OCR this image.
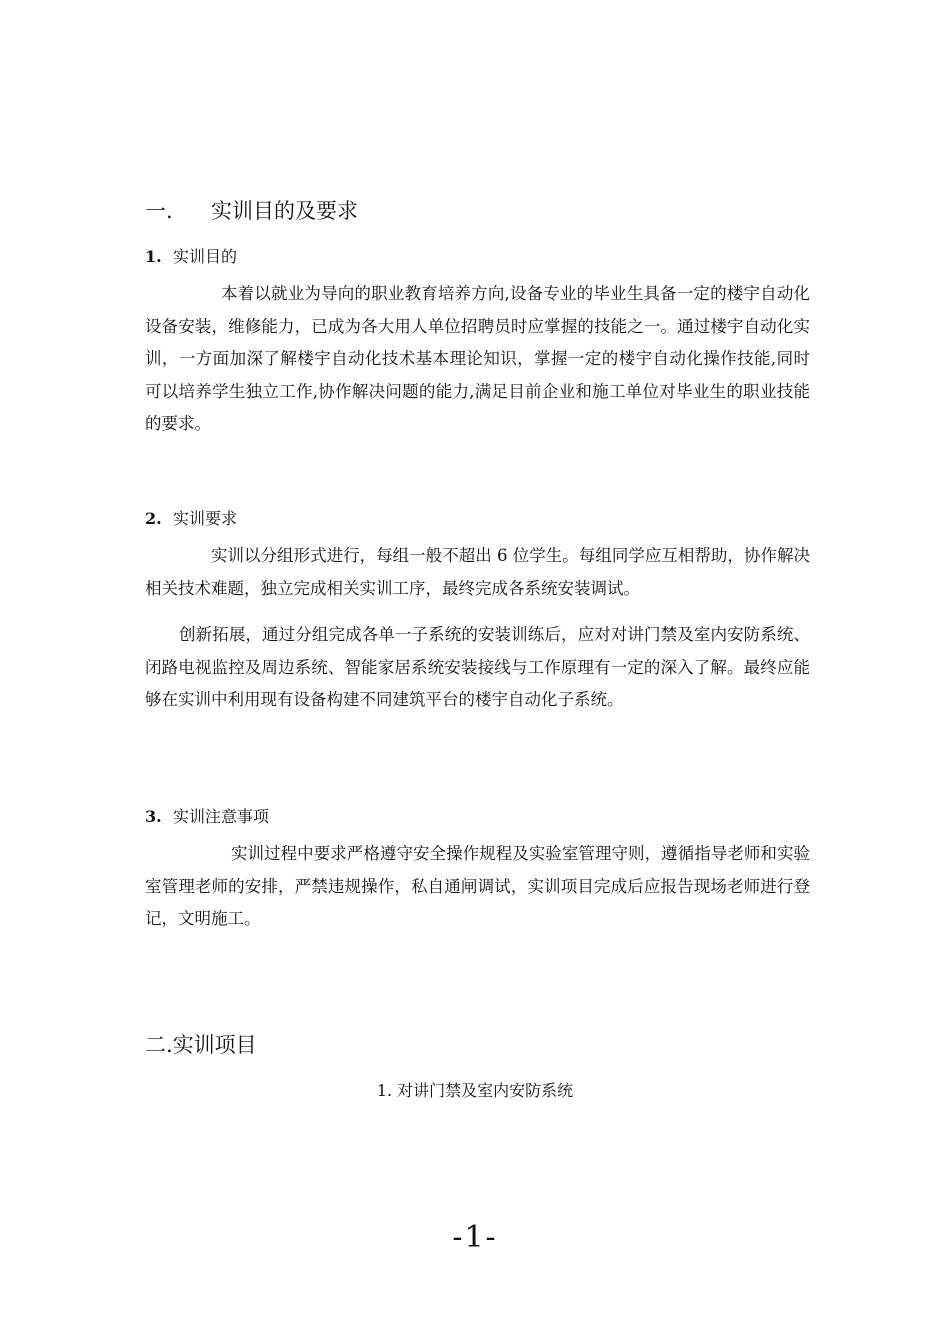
一. 实训目的及要求
1. 实训目的

本着以就业为导向的职业教育培养方向,设备专业的毕业生具备一定的楼宇自动化设备安装，维修能力，已成为各大用人单位招聘员时应掌握的技能之一。通过楼宇自动化实训，一方面加深了解楼宇自动化技术基本理论知识，掌握一定的楼宇自动化操作技能,同时可以培养学生独立工作,协作解决问题的能力,满足目前企业和施工单位对毕业生的职业技能的要求。

2. 实训要求

实训以分组形式进行，每组一般不超出 6 位学生。每组同学应互相帮助，协作解决相关技术难题，独立完成相关实训工序，最终完成各系统安装调试。

创新拓展，通过分组完成各单一子系统的安装训练后，应对对讲门禁及室内安防系统、闭路电视监控及周边系统、智能家居系统安装接线与工作原理有一定的深入了解。最终应能够在实训中利用现有设备构建不同建筑平台的楼宇自动化子系统。

3. 实训注意事项

实训过程中要求严格遵守安全操作规程及实验室管理守则，遵循指导老师和实验室管理老师的安排，严禁违规操作，私自通闸调试，实训项目完成后应报告现场老师进行登记，文明施工。

二.实训项目
1. 对讲门禁及室内安防系统
-1-
